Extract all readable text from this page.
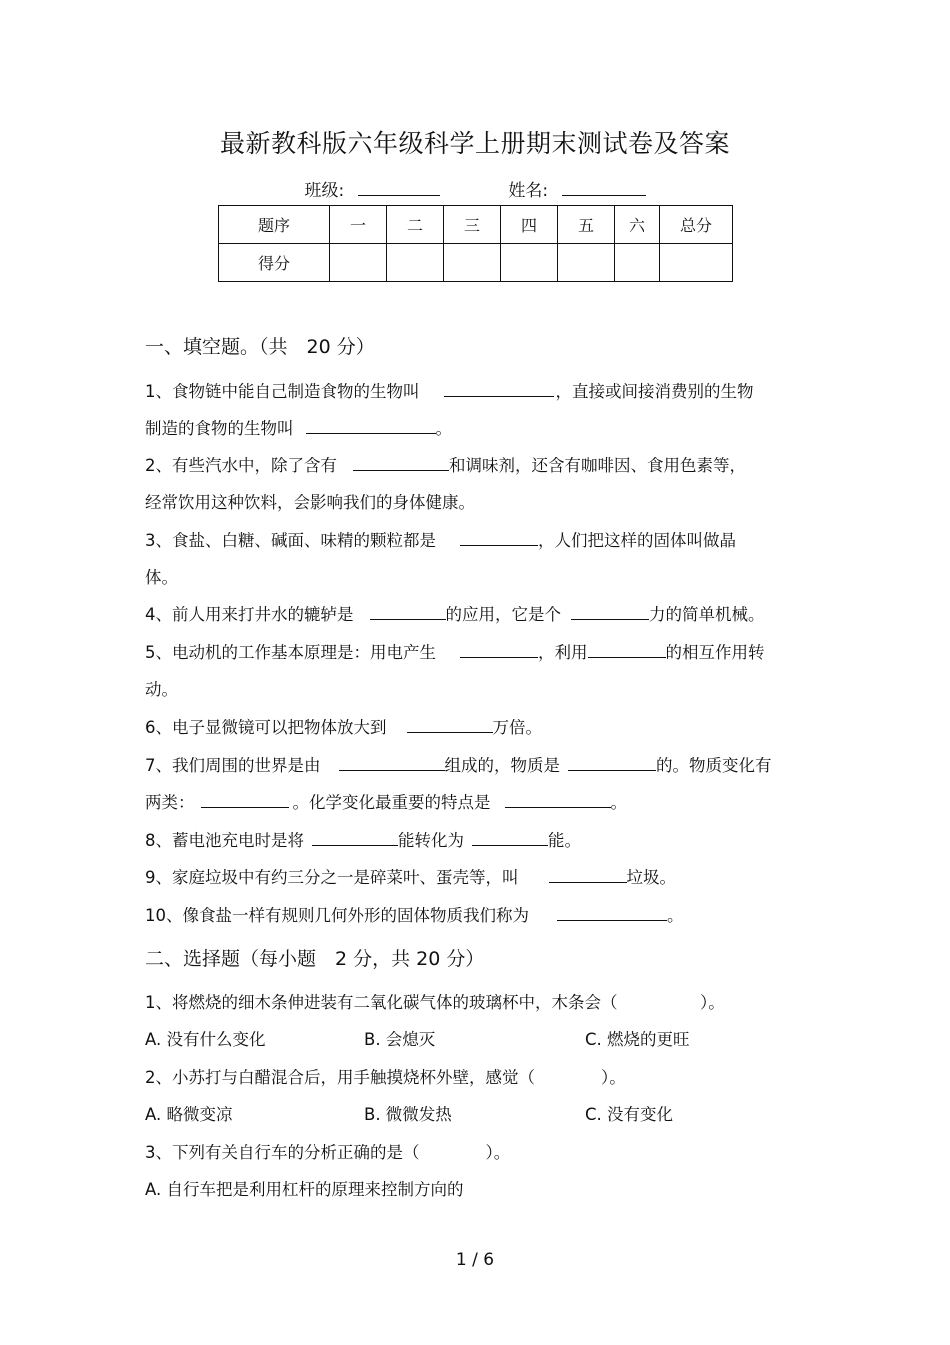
最新教科版六年级科学上册期末测试卷及答案
班级:	姓名:
题序	一	二	三	四	五	六	总分
得分							
一、填空题。（共　20 分）
1、食物链中能自己制造食物的生物叫	，直接或间接消费别的生物
制造的食物的生物叫	。
2、有些汽水中，除了含有	和调味剂，还含有咖啡因、食用色素等，
经常饮用这种饮料，会影响我们的身体健康。
3、食盐、白糖、碱面、味精的颗粒都是	，人们把这样的固体叫做晶
体。
4、前人用来打井水的辘轳是	的应用，它是个	力的简单机械。
5、电动机的工作基本原理是：用电产生	，利用	的相互作用转
动。
6、电子显微镜可以把物体放大到	万倍。
7、我们周围的世界是由	组成的，物质是	的。物质变化有
两类：	。化学变化最重要的特点是	。
8、蓄电池充电时是将	能转化为	能。
9、家庭垃圾中有约三分之一是碎菜叶、蛋壳等，叫	垃圾。
10、像食盐一样有规则几何外形的固体物质我们称为	。
二、选择题（每小题　2 分，共 20 分）
1、将燃烧的细木条伸进装有二氧化碳气体的玻璃杯中，木条会（　　　　　）。
A. 没有什么变化	B. 会熄灭	C. 燃烧的更旺
2、小苏打与白醋混合后，用手触摸烧杯外壁，感觉（　　　　）。
A. 略微变凉	B. 微微发热	C. 没有变化
3、下列有关自行车的分析正确的是（　　　　）。
A. 自行车把是利用杠杆的原理来控制方向的
1 / 6
